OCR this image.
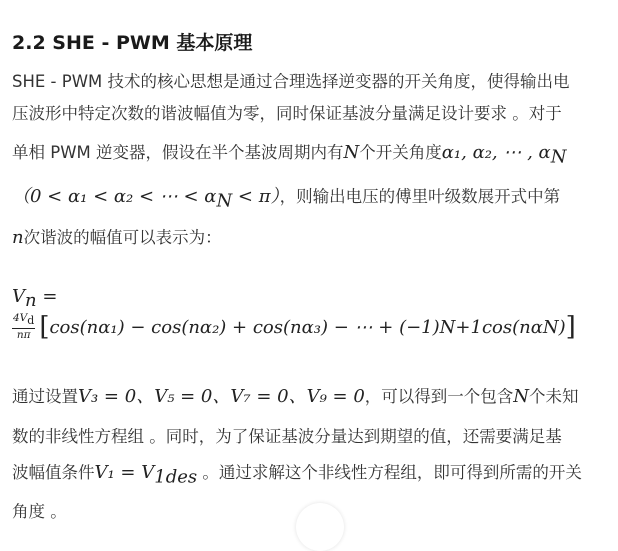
2.2 SHE - PWM 基本原理
SHE - PWM 技术的核心思想是通过合理选择逆变器的开关角度，使得输出电
压波形中特定次数的谐波幅值为零，同时保证基波分量满足设计要求 。对于
单相 PWM 逆变器，假设在半个基波周期内有N个开关角度α₁, α₂, ⋯ , $\alpha_N$
（0 < α₁ < α₂ < ⋯ < $\alpha_N < \pi$），则输出电压的傅里叶级数展开式中第
n次谐波的幅值可以表示为：
$V_n$ =
$\frac{4V_d}{n\pi}$ [ cos(nα₁) − cos(nα₂) + cos(nα₃) − ⋯ + (−1) N+1 cos(nα N ) ]
通过设置V₃ = 0、V₅ = 0、V₇ = 0、V₉ = 0，可以得到一个包含N个未知
数的非线性方程组 。同时，为了保证基波分量达到期望的值，还需要满足基
波幅值条件$V_1 = V_{1des}$ 。通过求解这个非线性方程组，即可得到所需的开关
角度 。
